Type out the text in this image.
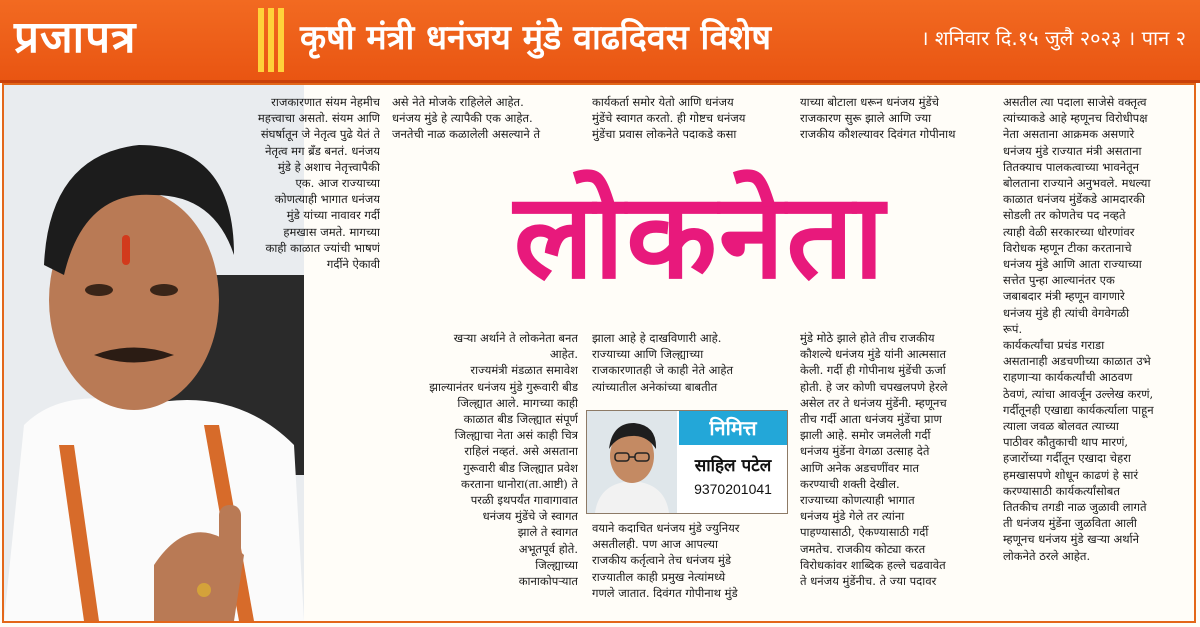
प्रजापत्र	कृषी मंत्री धनंजय मुंडे वाढदिवस विशेष	। शनिवार दि.१५ जुलै २०२३ । पान २
राजकारणात संयम नेहमीच
महत्त्वाचा असतो. संयम आणि
संघर्षातून जे नेतृत्व पुढे येतं ते
नेतृत्व मग ब्रँड बनतं. धनंजय
मुंडे हे अशाच नेतृत्त्वापैकी
एक. आज राज्याच्या
कोणत्याही भागात धनंजय
मुंडे यांच्या नावावर गर्दी
हमखास जमते. मागच्या
काही काळात ज्यांची भाषणं
गर्दीने ऐकावी
असे नेते मोजके राहिलेले आहेत.
धनंजय मुंडे हे त्यापैकी एक आहेत.
जनतेची नाळ कळालेली असल्याने ते
खऱ्या अर्थाने ते लोकनेता बनत
आहेत.
राज्यमंत्री मंडळात समावेश
झाल्यानंतर धनंजय मुंडे गुरूवारी बीड
जिल्ह्यात आले. मागच्या काही
काळात बीड जिल्ह्यात संपूर्ण
जिल्ह्याचा नेता असं काही चित्र
राहिलं नव्हतं. असे असताना
गुरूवारी बीड जिल्ह्यात प्रवेश
करताना धानोरा(ता.आष्टी) ते
परळी इथपर्यंत गावागावात
धनंजय मुंडेंचे जे स्वागत
झाले ते स्वागत
अभूतपूर्व होते.
जिल्ह्याच्या
कानाकोपऱ्यात
कार्यकर्ता समोर येतो आणि धनंजय
मुंडेंचे स्वागत करतो. ही गोष्टच धनंजय
मुंडेंचा प्रवास लोकनेते पदाकडे कसा
झाला आहे हे दाखविणारी आहे.
राज्याच्या आणि जिल्ह्याच्या
राजकारणातही जे काही नेते आहेत
त्यांच्यातील अनेकांच्या बाबतीत
वयाने कदाचित धनंजय मुंडे ज्युनियर
असतीलही. पण आज आपल्या
राजकीय कर्तृत्वाने तेच धनंजय मुंडे
राज्यातील काही प्रमुख नेत्यांमध्ये
गणले जातात. दिवंगत गोपीनाथ मुंडे
याच्या बोटाला धरून धनंजय मुंडेंचे
राजकारण सुरू झाले आणि ज्या
राजकीय कौशल्यावर दिवंगत गोपीनाथ
मुंडे मोठे झाले होते तीच राजकीय
कौशल्ये धनंजय मुंडे यांनी आत्मसात
केली. गर्दी ही गोपीनाथ मुंडेंची ऊर्जा
होती. हे जर कोणी चपखलपणे हेरले
असेल तर ते धनंजय मुंडेंनी. म्हणूनच
तीच गर्दी आता धनंजय मुंडेंचा प्राण
झाली आहे. समोर जमलेली गर्दी
धनंजय मुंडेंना वेगळा उत्साह देते
आणि अनेक अडचणींवर मात
करण्याची शक्ती देखील.
राज्याच्या कोणत्याही भागात
धनंजय मुंडे गेले तर त्यांना
पाहण्यासाठी, ऐकण्यासाठी गर्दी
जमतेच. राजकीय कोट्या करत
विरोधकांवर शाब्दिक हल्ले चढवावेत
ते धनंजय मुंडेंनीच. ते ज्या पदावर
असतील त्या पदाला साजेसे वक्तृत्व
त्यांच्याकडे आहे म्हणूनच विरोधीपक्ष
नेता असताना आक्रमक असणारे
धनंजय मुंडे राज्यात मंत्री असताना
तितक्याच पालकत्वाच्या भावनेतून
बोलताना राज्याने अनुभवले. मधल्या
काळात धनंजय मुंडेंकडे आमदारकी
सोडली तर कोणतेच पद नव्हते
त्याही वेळी सरकारच्या धोरणांवर
विरोधक म्हणून टीका करतानाचे
धनंजय मुंडे आणि आता राज्याच्या
सत्तेत पुन्हा आल्यानंतर एक
जबाबदार मंत्री म्हणून वागणारे
धनंजय मुंडे ही त्यांची वेगवेगळी
रूपं.
कार्यकर्त्यांचा प्रचंड गराडा
असतानाही अडचणीच्या काळात उभे
राहणाऱ्या कार्यकर्त्यांची आठवण
ठेवणं, त्यांचा आवर्जून उल्लेख करणं,
गर्दीतूनही एखाद्या कार्यकर्त्याला पाहून
त्याला जवळ बोलवत त्याच्या
पाठीवर कौतुकाची थाप मारणं,
हजारोंच्या गर्दीतून एखादा चेहरा
हमखासपणे शोधून काढणं हे सारं
करण्यासाठी कार्यकर्त्यांसोबत
तितकीच तगडी नाळ जुळावी लागते
ती धनंजय मुंडेंना जुळविता आली
म्हणूनच धनंजय मुंडे खऱ्या अर्थाने
लोकनेते ठरले आहेत.
लोकनेता
निमित्त
साहिल पटेल
9370201041
